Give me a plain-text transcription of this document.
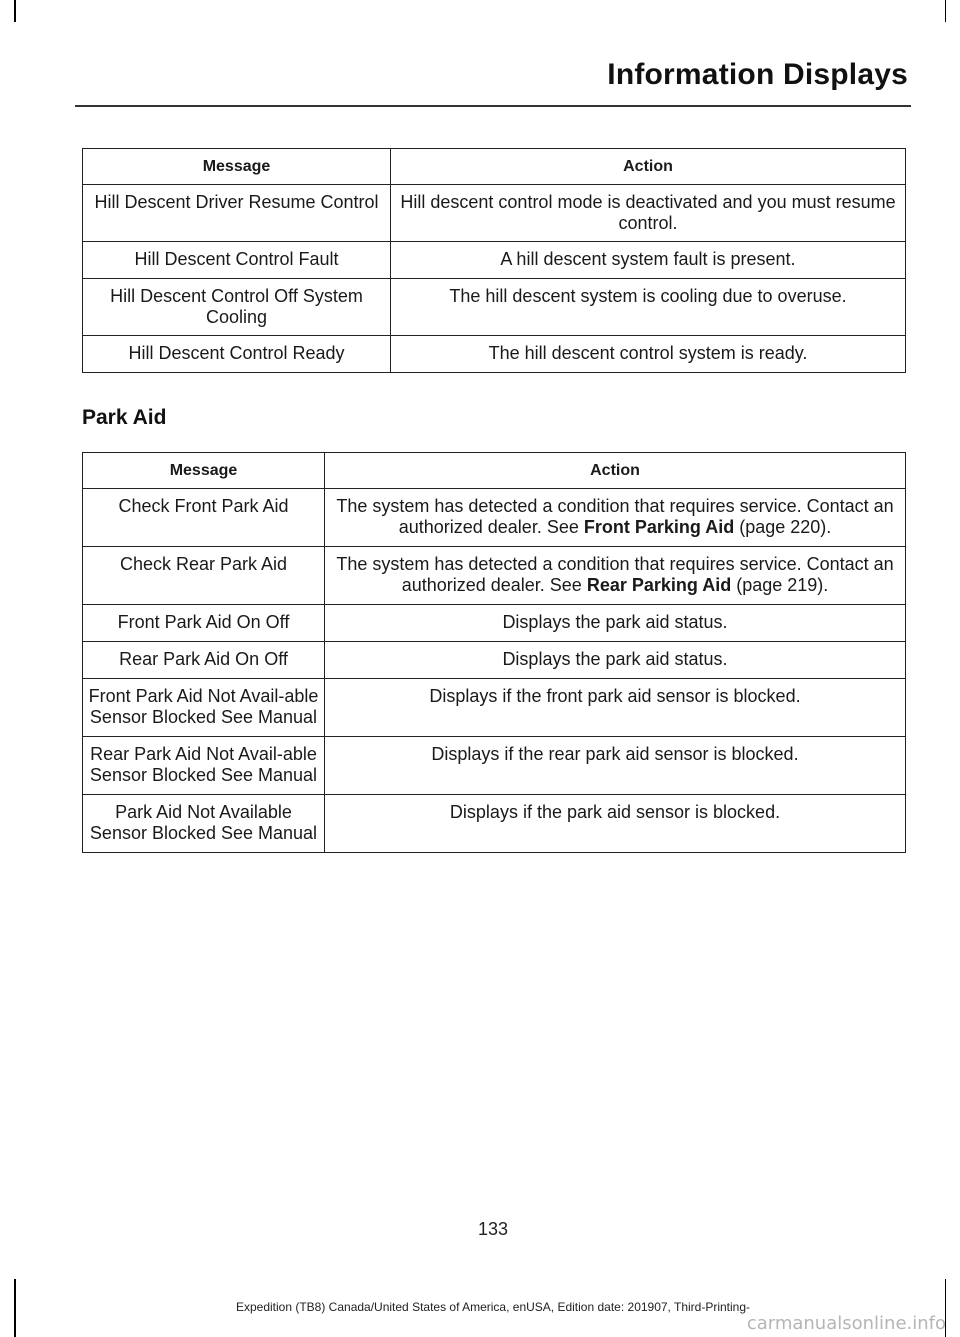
Information Displays
Message	Action
Hill Descent Driver Resume Control	Hill descent control mode is deactivated and you must resume control.
Hill Descent Control Fault	A hill descent system fault is present.
Hill Descent Control Off System Cooling	The hill descent system is cooling due to overuse.
Hill Descent Control Ready	The hill descent control system is ready.
Park Aid
Message	Action
Check Front Park Aid	The system has detected a condition that requires service. Contact an authorized dealer. See Front Parking Aid (page 220).
Check Rear Park Aid	The system has detected a condition that requires service. Contact an authorized dealer. See Rear Parking Aid (page 219).
Front Park Aid On Off	Displays the park aid status.
Rear Park Aid On Off	Displays the park aid status.
Front Park Aid Not Avail-able Sensor Blocked See Manual	Displays if the front park aid sensor is blocked.
Rear Park Aid Not Avail-able Sensor Blocked See Manual	Displays if the rear park aid sensor is blocked.
Park Aid Not Available Sensor Blocked See Manual	Displays if the park aid sensor is blocked.
133
Expedition (TB8) Canada/United States of America, enUSA, Edition date: 201907, Third-Printing-
carmanualsonline.info
